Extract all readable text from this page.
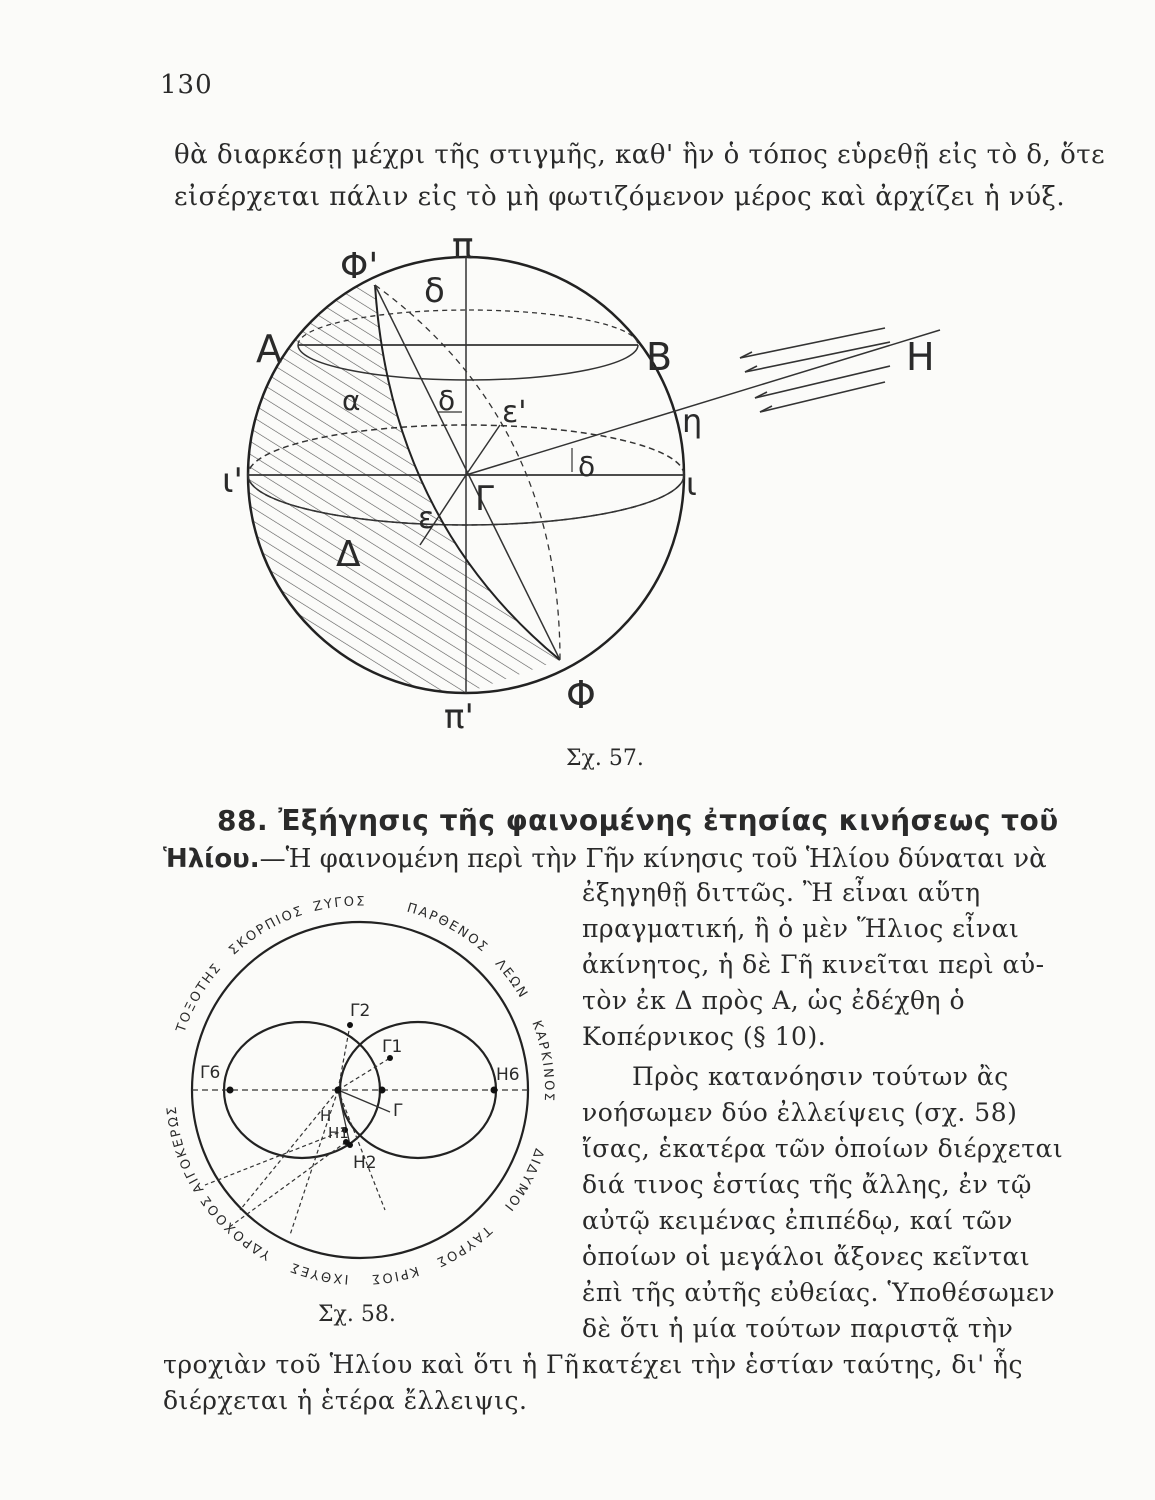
130
θὰ διαρκέσῃ μέχρι τῆς στιγμῆς, καθ' ἣν ὁ τόπος εὑρεθῇ εἰς τὸ δ, ὅτε
εἰσέρχεται πάλιν εἰς τὸ μὴ φωτιζόμενον μέρος καὶ ἀρχίζει ἡ νύξ.
Φ' π
δ
Α	Β	Η
α	δ ε'	η
ι'	δ	ι
ε Γ
Δ
Φ
π'
Σχ. 57.
88. Ἐξήγησις τῆς φαινομένης ἐτησίας κινήσεως τοῦ
Ἡλίου.—Ἡ φαινομένη περὶ τὴν Γῆν κίνησις τοῦ Ἡλίου δύναται νὰ
ἐξηγηθῇ διττῶς. Ἢ εἶναι αὕτη
πραγματική, ἢ ὁ μὲν Ἥλιος εἶναι
ἀκίνητος, ἡ δὲ Γῆ κινεῖται περὶ αὐ-
τὸν ἐκ Δ πρὸς Α, ὡς ἐδέχθη ὁ
Κοπέρνικος (§ 10).
Πρὸς κατανόησιν τούτων ἂς
νοήσωμεν δύο ἐλλείψεις (σχ. 58)
ἴσας, ἑκατέρα τῶν ὁποίων διέρχεται
διά τινος ἑστίας τῆς ἄλλης, ἐν τῷ
αὐτῷ κειμένας ἐπιπέδῳ, καί τῶν
ὁποίων οἱ μεγάλοι ἄξονες κεῖνται
ἐπὶ τῆς αὐτῆς εὐθείας. Ὑποθέσωμεν
δὲ ὅτι ἡ μία τούτων παριστᾷ τὴν
Γ2
Γ1
Γ6	Η6
Γ
Η
Η1
Η2
ΤΟΞΟΤΗΣ
ΣΚΟΡΠΙΟΣ ΖΥΓΟΣ	ΠΑΡΘΕΝΟΣ
ΛΕΩΝ
ΚΑΡΚΙΝΟΣ
ΔΙΔΥΜΟΙ
ΤΑΥΡΟΣ
ΚΡΙΟΣ
ΙΧΘΥΕΣ
ΥΔΡΟΧΟΟΣ
ΑΙΓΟΚΕΡΩΣ
Σχ. 58.
τροχιὰν τοῦ Ἡλίου καὶ ὅτι ἡ Γῆ κατέχει τὴν ἑστίαν ταύτης, δι' ἧς
διέρχεται ἡ ἑτέρα ἔλλειψις.
